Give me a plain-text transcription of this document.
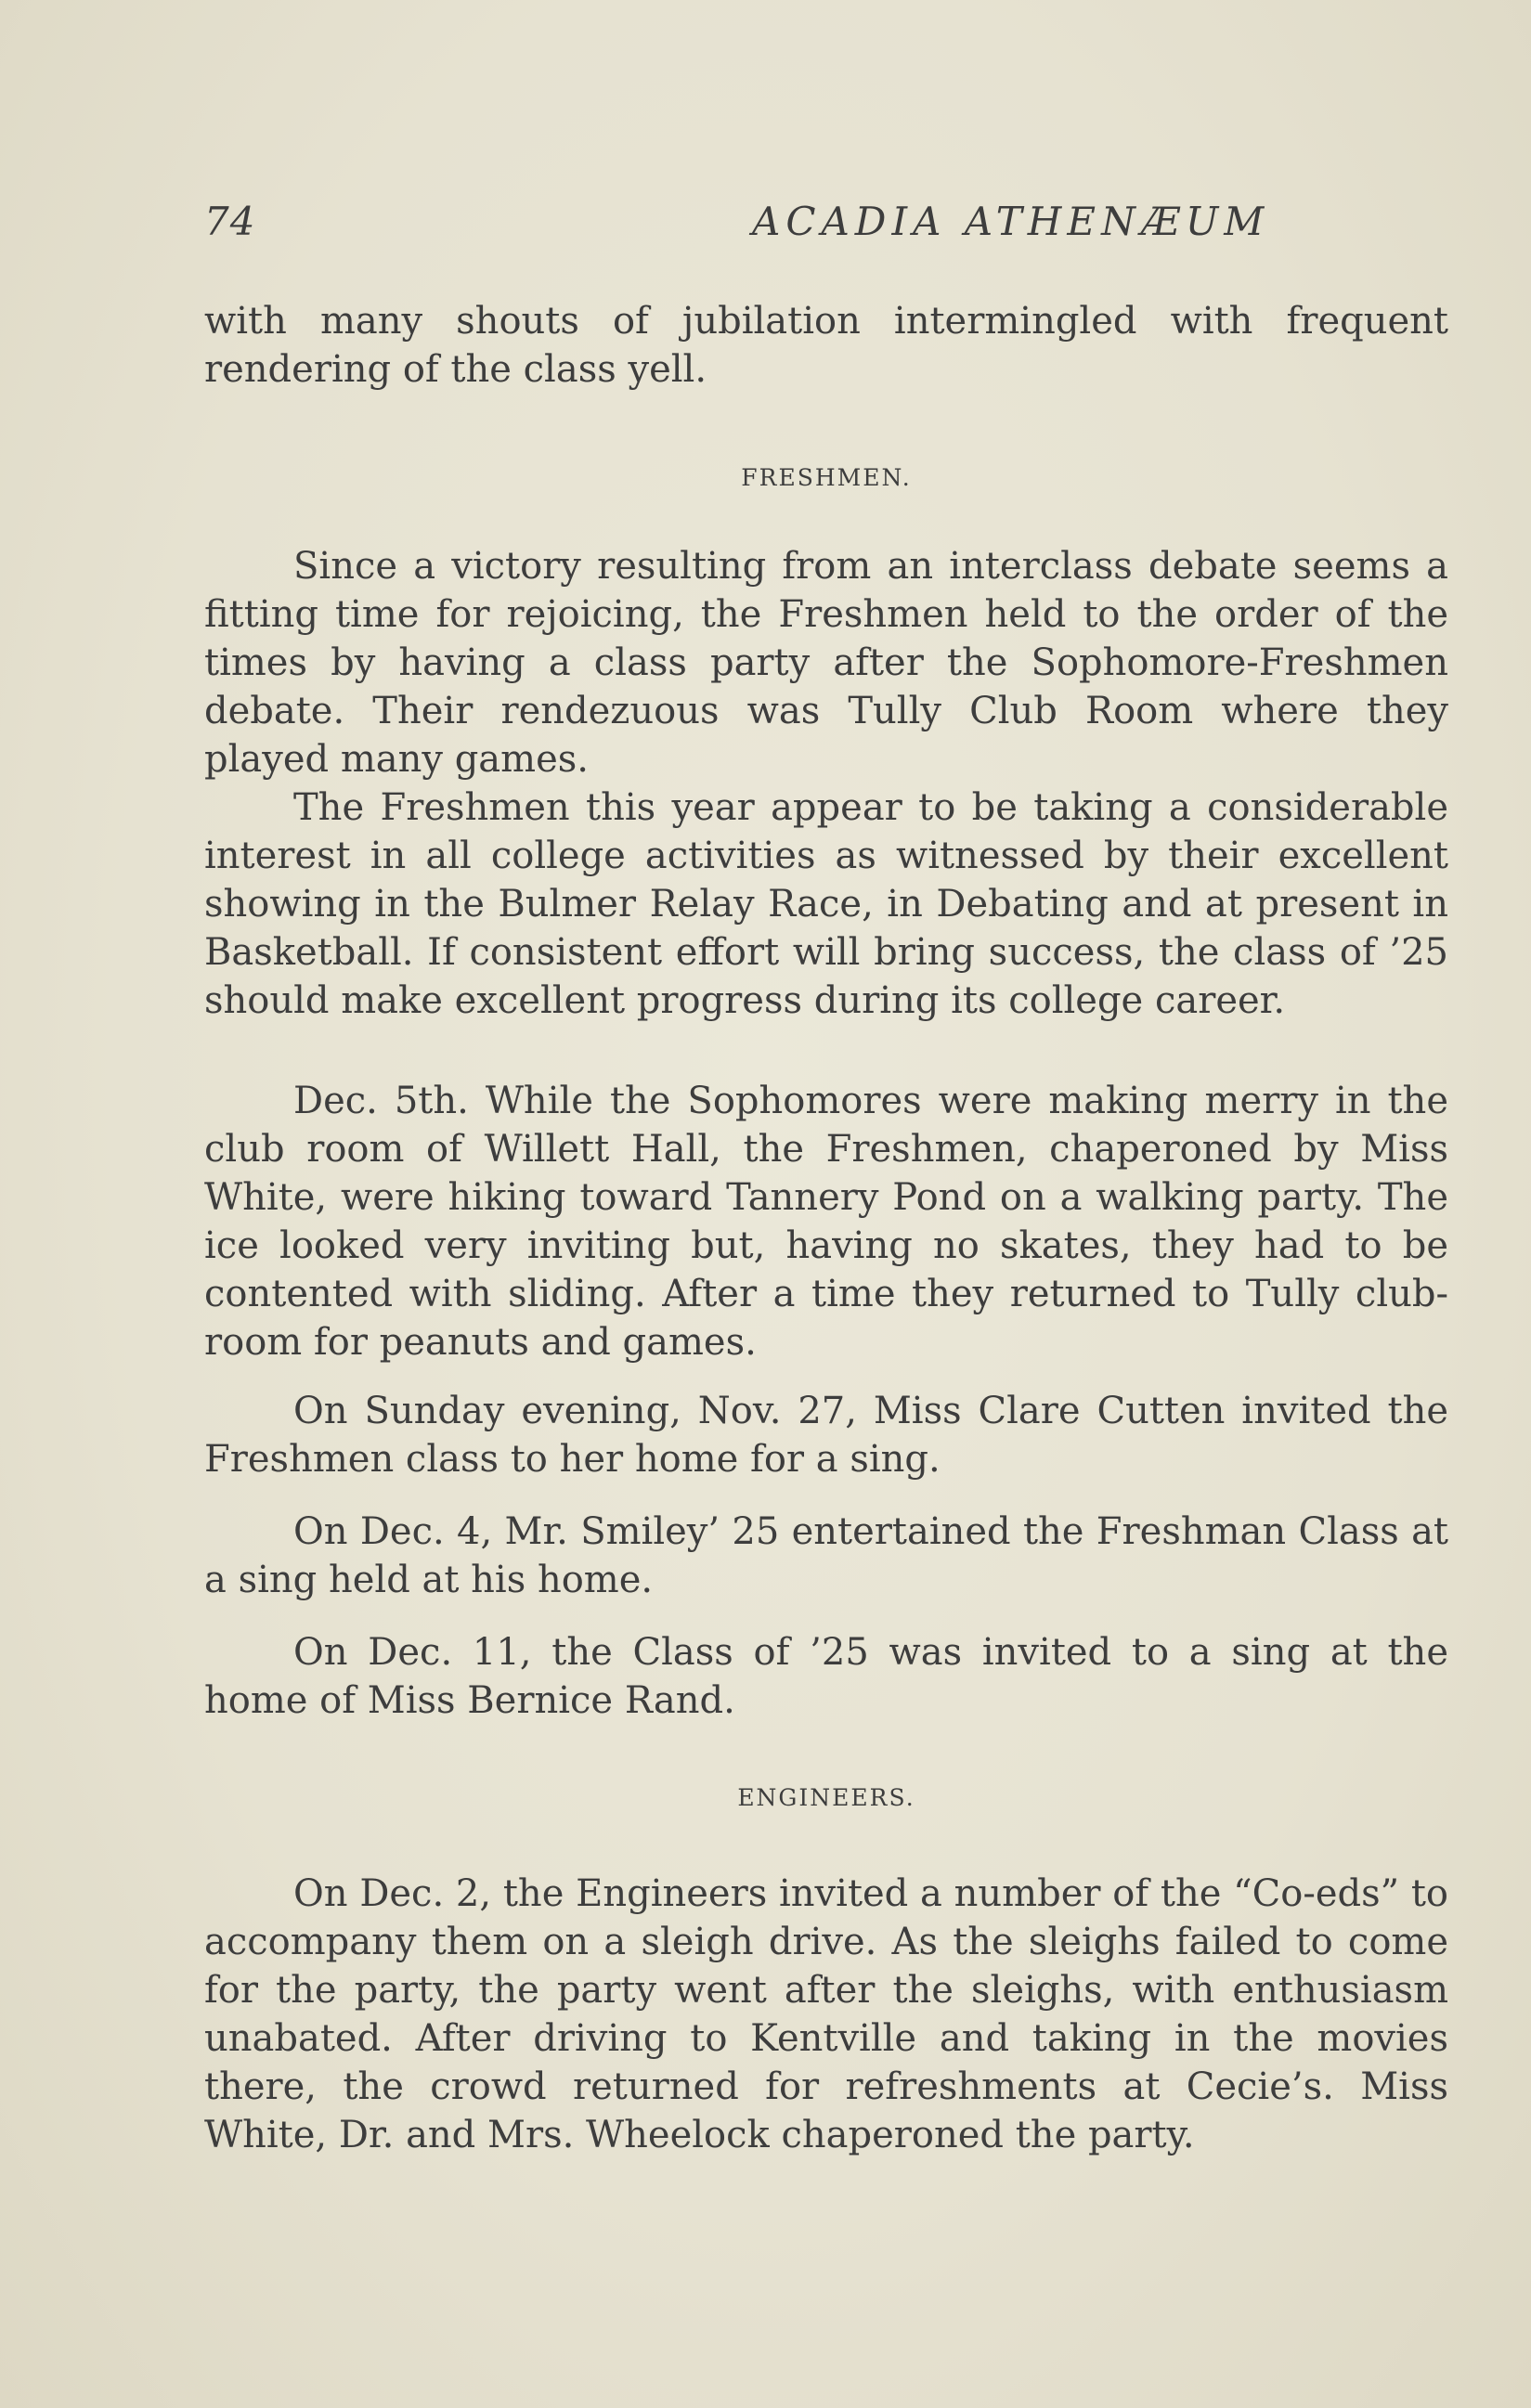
74	ACADIA ATHENÆUM

with many shouts of jubilation intermingled with frequent rendering of the class yell.

FRESHMEN.

Since a victory resulting from an interclass debate seems a fitting time for rejoicing, the Freshmen held to the order of the times by having a class party after the Sophomore-Freshmen debate. Their rendezuous was Tully Club Room where they played many games.

The Freshmen this year appear to be taking a considerable interest in all college activities as witnessed by their excellent showing in the Bulmer Relay Race, in Debating and at present in Basketball. If consistent effort will bring success, the class of ’25 should make excellent progress during its college career.

Dec. 5th. While the Sophomores were making merry in the club room of Willett Hall, the Freshmen, chaperoned by Miss White, were hiking toward Tannery Pond on a walking party. The ice looked very inviting but, having no skates, they had to be contented with sliding. After a time they returned to Tully club-room for peanuts and games.

On Sunday evening, Nov. 27, Miss Clare Cutten invited the Freshmen class to her home for a sing.

On Dec. 4, Mr. Smiley’ 25 entertained the Freshman Class at a sing held at his home.

On Dec. 11, the Class of ’25 was invited to a sing at the home of Miss Bernice Rand.

ENGINEERS.

On Dec. 2, the Engineers invited a number of the “Co-eds” to accompany them on a sleigh drive. As the sleighs failed to come for the party, the party went after the sleighs, with enthusiasm unabated. After driving to Kentville and taking in the movies there, the crowd returned for refreshments at Cecie’s. Miss White, Dr. and Mrs. Wheelock chaperoned the party.
